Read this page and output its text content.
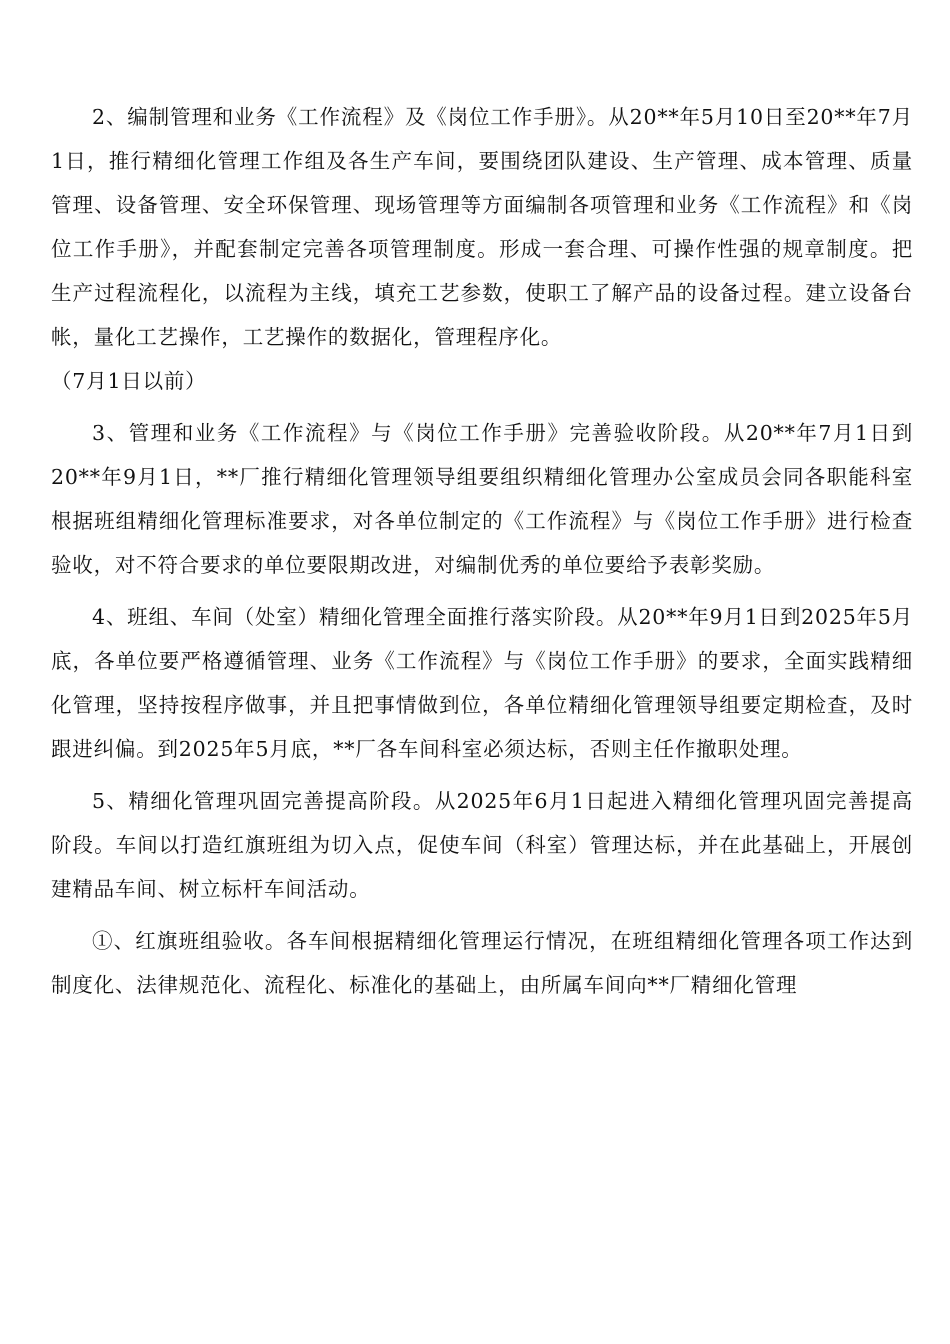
2、编制管理和业务《工作流程》及《岗位工作手册》。从20**年5月10日至20**年7月1日，推行精细化管理工作组及各生产车间，要围绕团队建设、生产管理、成本管理、质量管理、设备管理、安全环保管理、现场管理等方面编制各项管理和业务《工作流程》和《岗位工作手册》，并配套制定完善各项管理制度。形成一套合理、可操作性强的规章制度。把生产过程流程化，以流程为主线，填充工艺参数，使职工了解产品的设备过程。建立设备台帐，量化工艺操作，工艺操作的数据化，管理程序化。

（7月1日以前）

3、管理和业务《工作流程》与《岗位工作手册》完善验收阶段。从20**年7月1日到20**年9月1日，**厂推行精细化管理领导组要组织精细化管理办公室成员会同各职能科室根据班组精细化管理标准要求，对各单位制定的《工作流程》与《岗位工作手册》进行检查验收，对不符合要求的单位要限期改进，对编制优秀的单位要给予表彰奖励。

4、班组、车间（处室）精细化管理全面推行落实阶段。从20**年9月1日到2025年5月底，各单位要严格遵循管理、业务《工作流程》与《岗位工作手册》的要求，全面实践精细化管理，坚持按程序做事，并且把事情做到位，各单位精细化管理领导组要定期检查，及时跟进纠偏。到2025年5月底，**厂各车间科室必须达标，否则主任作撤职处理。

5、精细化管理巩固完善提高阶段。从2025年6月1日起进入精细化管理巩固完善提高阶段。车间以打造红旗班组为切入点，促使车间（科室）管理达标，并在此基础上，开展创建精品车间、树立标杆车间活动。

①、红旗班组验收。各车间根据精细化管理运行情况，在班组精细化管理各项工作达到制度化、法律规范化、流程化、标准化的基础上，由所属车间向**厂精细化管理
